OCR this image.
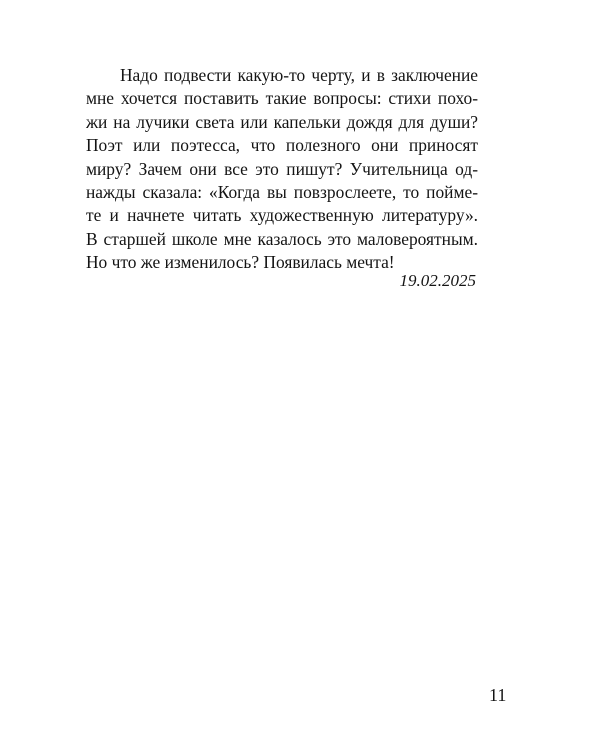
Надо подвести какую-то черту, и в заключение
мне хочется поставить такие вопросы: стихи похо-
жи на лучики света или капельки дождя для души?
Поэт или поэтесса, что полезного они приносят
миру? Зачем они все это пишут? Учительница од-
нажды сказала: «Когда вы повзрослеете, то пойме-
те и начнете читать художественную литературу».
В старшей школе мне казалось это маловероятным.
Но что же изменилось? Появилась мечта!
19.02.2025
11
